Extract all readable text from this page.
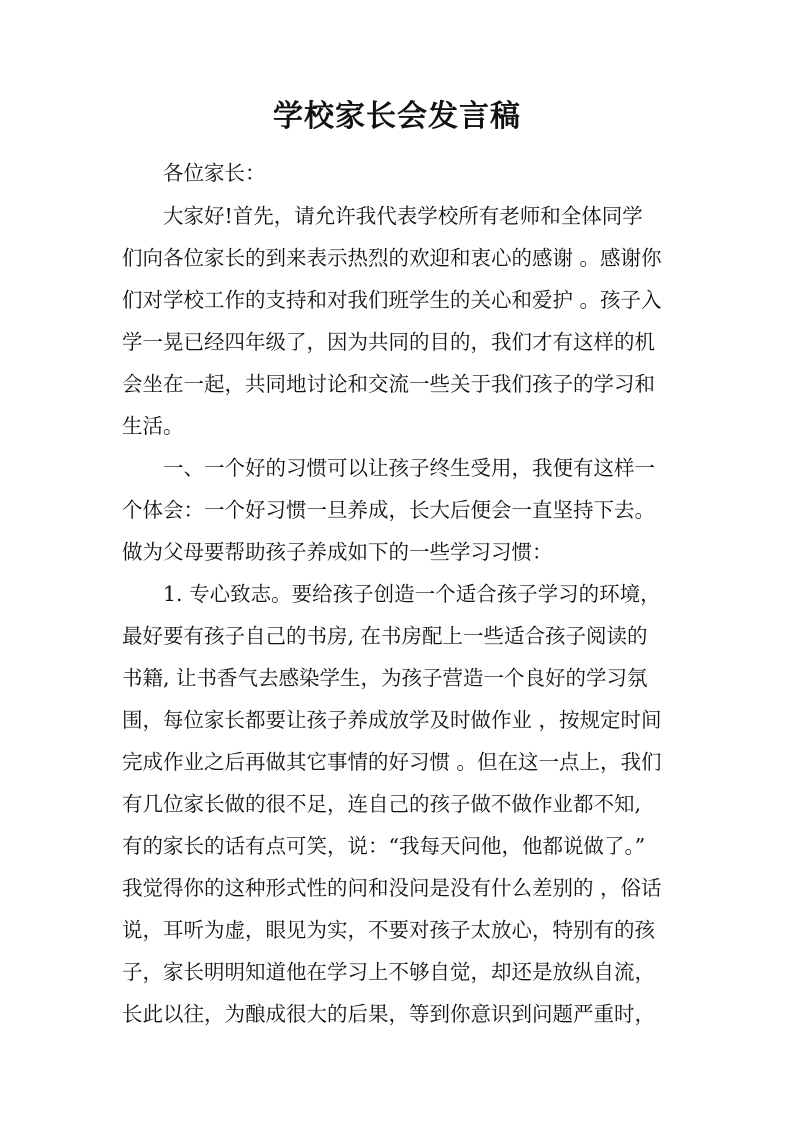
学校家长会发言稿

各位家长：

大家好!首先，请允许我代表学校所有老师和全体同学

们向各位家长的到来表示热烈的欢迎和衷心的感谢 。感谢你

们对学校工作的支持和对我们班学生的关心和爱护 。孩子入

学一晃已经四年级了，因为共同的目的，我们才有这样的机

会坐在一起，共同地讨论和交流一些关于我们孩子的学习和

生活。

一、一个好的习惯可以让孩子终生受用，我便有这样一

个体会：一个好习惯一旦养成，长大后便会一直坚持下去。

做为父母要帮助孩子养成如下的一些学习习惯：

1. 专心致志。要给孩子创造一个适合孩子学习的环境，

最好要有孩子自己的书房, 在书房配上一些适合孩子阅读的

书籍, 让书香气去感染学生，为孩子营造一个良好的学习氛

围，每位家长都要让孩子养成放学及时做作业 ，按规定时间

完成作业之后再做其它事情的好习惯 。但在这一点上，我们

有几位家长做的很不足，连自己的孩子做不做作业都不知,

有的家长的话有点可笑，说：“我每天问他，他都说做了。”

我觉得你的这种形式性的问和没问是没有什么差别的 ，俗话

说，耳听为虚，眼见为实，不要对孩子太放心，特别有的孩

子，家长明明知道他在学习上不够自觉，却还是放纵自流，

长此以往，为酿成很大的后果，等到你意识到问题严重时，
